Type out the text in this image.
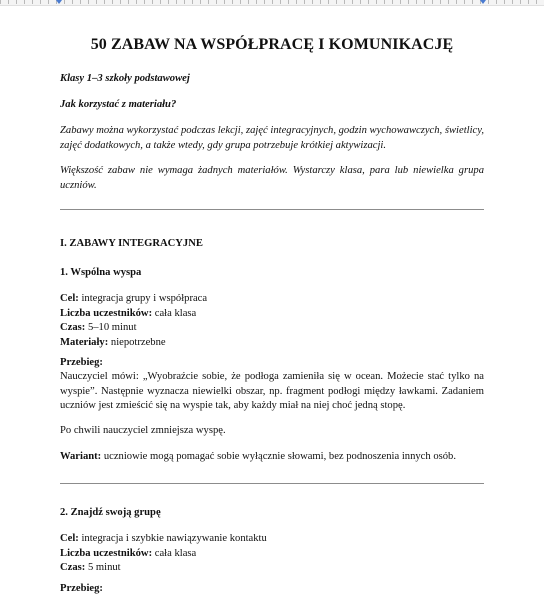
50 ZABAW NA WSPÓŁPRACĘ I KOMUNIKACJĘ

Klasy 1–3 szkoły podstawowej

Jak korzystać z materiału?

Zabawy można wykorzystać podczas lekcji, zajęć integracyjnych, godzin wychowawczych, świetlicy, zajęć dodatkowych, a także wtedy, gdy grupa potrzebuje krótkiej aktywizacji.

Większość zabaw nie wymaga żadnych materiałów. Wystarczy klasa, para lub niewielka grupa uczniów.

I. ZABAWY INTEGRACYJNE

1. Wspólna wyspa

Cel: integracja grupy i współpraca

Liczba uczestników: cała klasa

Czas: 5–10 minut

Materiały: niepotrzebne

Przebieg:

Nauczyciel mówi: „Wyobraźcie sobie, że podłoga zamieniła się w ocean. Możecie stać tylko na wyspie”. Następnie wyznacza niewielki obszar, np. fragment podłogi między ławkami. Zadaniem uczniów jest zmieścić się na wyspie tak, aby każdy miał na niej choć jedną stopę.

Po chwili nauczyciel zmniejsza wyspę.

Wariant: uczniowie mogą pomagać sobie wyłącznie słowami, bez podnoszenia innych osób.

2. Znajdź swoją grupę

Cel: integracja i szybkie nawiązywanie kontaktu

Liczba uczestników: cała klasa

Czas: 5 minut

Przebieg:
